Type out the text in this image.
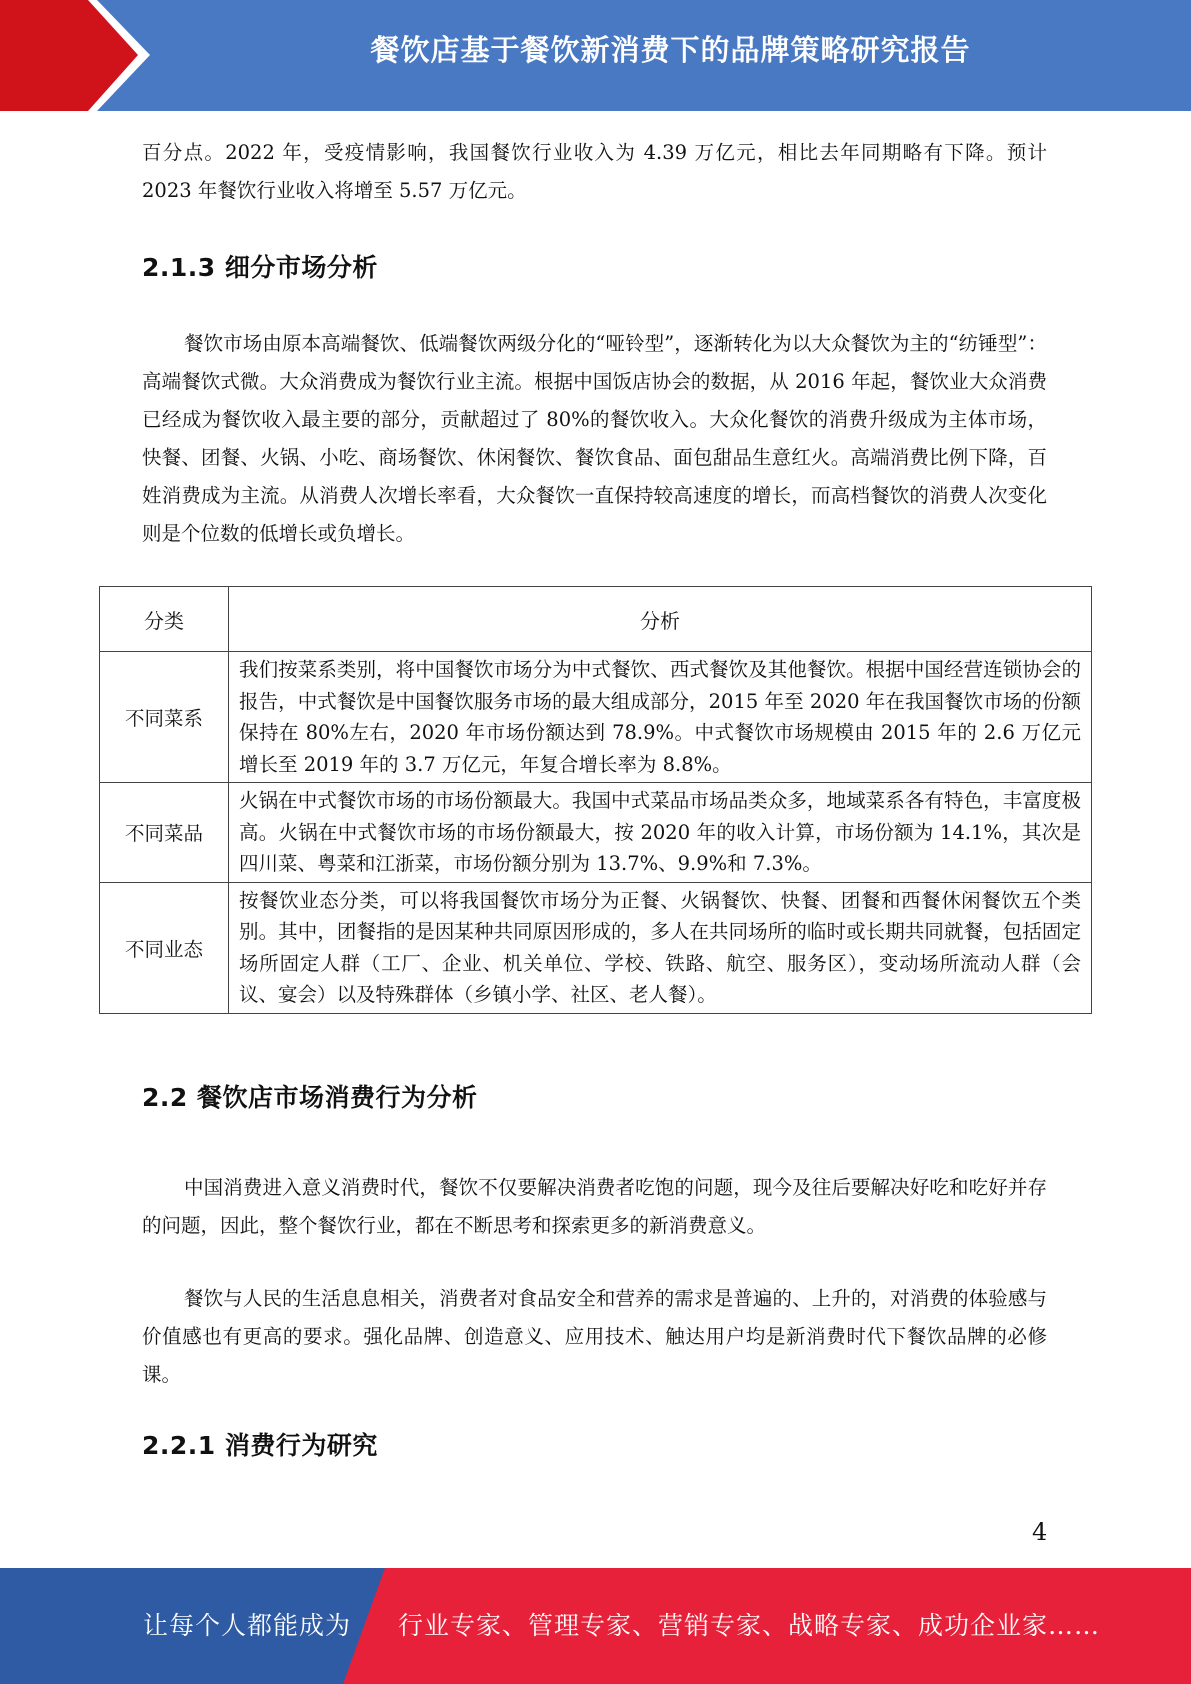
餐饮店基于餐饮新消费下的品牌策略研究报告

百分点。2022 年，受疫情影响，我国餐饮行业收入为 4.39 万亿元，相比去年同期略有下降。预计 2023 年餐饮行业收入将增至 5.57 万亿元。

2.1.3 细分市场分析

餐饮市场由原本高端餐饮、低端餐饮两级分化的“哑铃型”，逐渐转化为以大众餐饮为主的“纺锤型”：高端餐饮式微。大众消费成为餐饮行业主流。根据中国饭店协会的数据，从 2016 年起，餐饮业大众消费已经成为餐饮收入最主要的部分，贡献超过了 80%的餐饮收入。大众化餐饮的消费升级成为主体市场，快餐、团餐、火锅、小吃、商场餐饮、休闲餐饮、餐饮食品、面包甜品生意红火。高端消费比例下降，百姓消费成为主流。从消费人次增长率看，大众餐饮一直保持较高速度的增长，而高档餐饮的消费人次变化则是个位数的低增长或负增长。

分类	分析
不同菜系	我们按菜系类别，将中国餐饮市场分为中式餐饮、西式餐饮及其他餐饮。根据中国经营连锁协会的报告，中式餐饮是中国餐饮服务市场的最大组成部分，2015 年至 2020 年在我国餐饮市场的份额保持在 80%左右，2020 年市场份额达到 78.9%。中式餐饮市场规模由 2015 年的 2.6 万亿元增长至 2019 年的 3.7 万亿元，年复合增长率为 8.8%。
不同菜品	火锅在中式餐饮市场的市场份额最大。我国中式菜品市场品类众多，地域菜系各有特色，丰富度极高。火锅在中式餐饮市场的市场份额最大，按 2020 年的收入计算，市场份额为 14.1%，其次是四川菜、粤菜和江浙菜，市场份额分别为 13.7%、9.9%和 7.3%。
不同业态	按餐饮业态分类，可以将我国餐饮市场分为正餐、火锅餐饮、快餐、团餐和西餐休闲餐饮五个类别。其中，团餐指的是因某种共同原因形成的，多人在共同场所的临时或长期共同就餐，包括固定场所固定人群（工厂、企业、机关单位、学校、铁路、航空、服务区），变动场所流动人群（会议、宴会）以及特殊群体（乡镇小学、社区、老人餐）。
2.2 餐饮店市场消费行为分析

中国消费进入意义消费时代，餐饮不仅要解决消费者吃饱的问题，现今及往后要解决好吃和吃好并存的问题，因此，整个餐饮行业，都在不断思考和探索更多的新消费意义。

餐饮与人民的生活息息相关，消费者对食品安全和营养的需求是普遍的、上升的，对消费的体验感与价值感也有更高的要求。强化品牌、创造意义、应用技术、触达用户均是新消费时代下餐饮品牌的必修课。

2.2.1 消费行为研究
4
让每个人都能成为 行业专家、管理专家、营销专家、战略专家、成功企业家……
